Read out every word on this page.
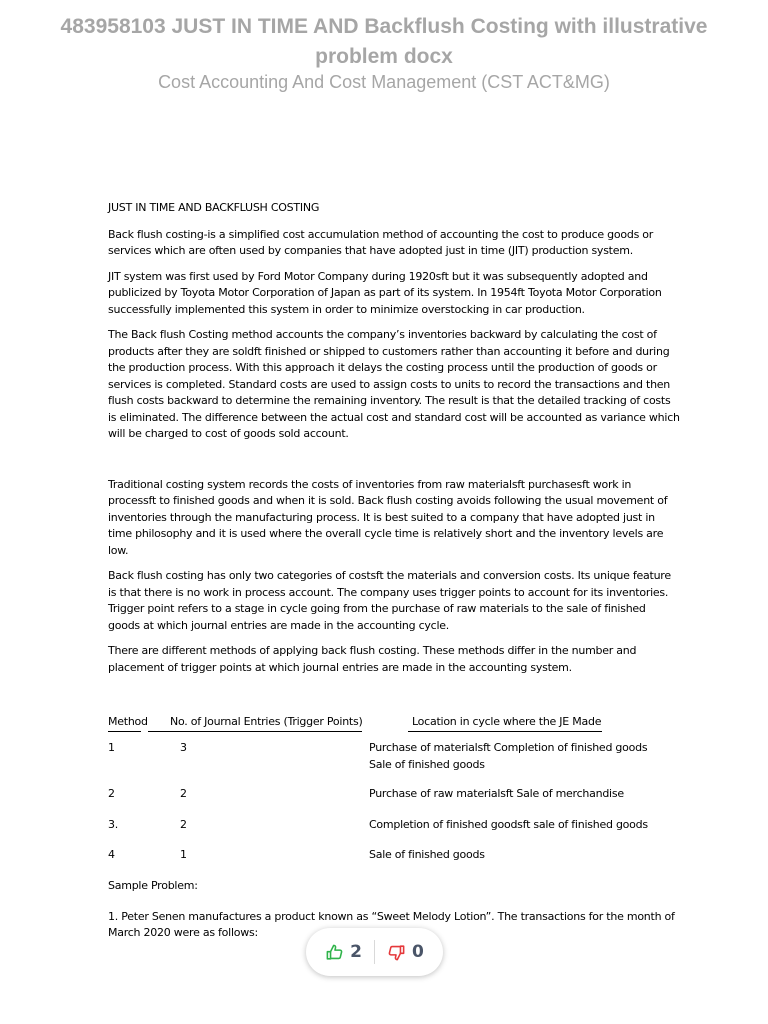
483958103 JUST IN TIME AND Backflush Costing with illustrative problem docx
Cost Accounting And Cost Management (CST ACT&MG)

JUST IN TIME AND BACKFLUSH COSTING

Back flush costing-is a simplified cost accumulation method of accounting the cost to produce goods or services which are often used by companies that have adopted just in time (JIT) production system.

JIT system was first used by Ford Motor Company during 1920sft but it was subsequently adopted and publicized by Toyota Motor Corporation of Japan as part of its system. In 1954ft Toyota Motor Corporation successfully implemented this system in order to minimize overstocking in car production.

The Back flush Costing method accounts the company’s inventories backward by calculating the cost of products after they are soldft finished or shipped to customers rather than accounting it before and during the production process. With this approach it delays the costing process until the production of goods or services is completed. Standard costs are used to assign costs to units to record the transactions and then flush costs backward to determine the remaining inventory. The result is that the detailed tracking of costs is eliminated. The difference between the actual cost and standard cost will be accounted as variance which will be charged to cost of goods sold account.

Traditional costing system records the costs of inventories from raw materialsft purchasesft work in processft to finished goods and when it is sold. Back flush costing avoids following the usual movement of inventories through the manufacturing process. It is best suited to a company that have adopted just in time philosophy and it is used where the overall cycle time is relatively short and the inventory levels are low.

Back flush costing has only two categories of costsft the materials and conversion costs. Its unique feature is that there is no work in process account. The company uses trigger points to account for its inventories. Trigger point refers to a stage in cycle going from the purchase of raw materials to the sale of finished goods at which journal entries are made in the accounting cycle.

There are different methods of applying back flush costing. These methods differ in the number and placement of trigger points at which journal entries are made in the accounting system.

Method No. of Journal Entries (Trigger Points)	Location in cycle where the JE Made
1	3	Purchase of materialsft Completion of finished goods Sale of finished goods
2	2	Purchase of raw materialsft Sale of merchandise
3.	2	Completion of finished goodsft sale of finished goods
4	1	Sale of finished goods

Sample Problem:

1. Peter Senen manufactures a product known as “Sweet Melody Lotion”. The transactions for the month of March 2020 were as follows:

2	0
